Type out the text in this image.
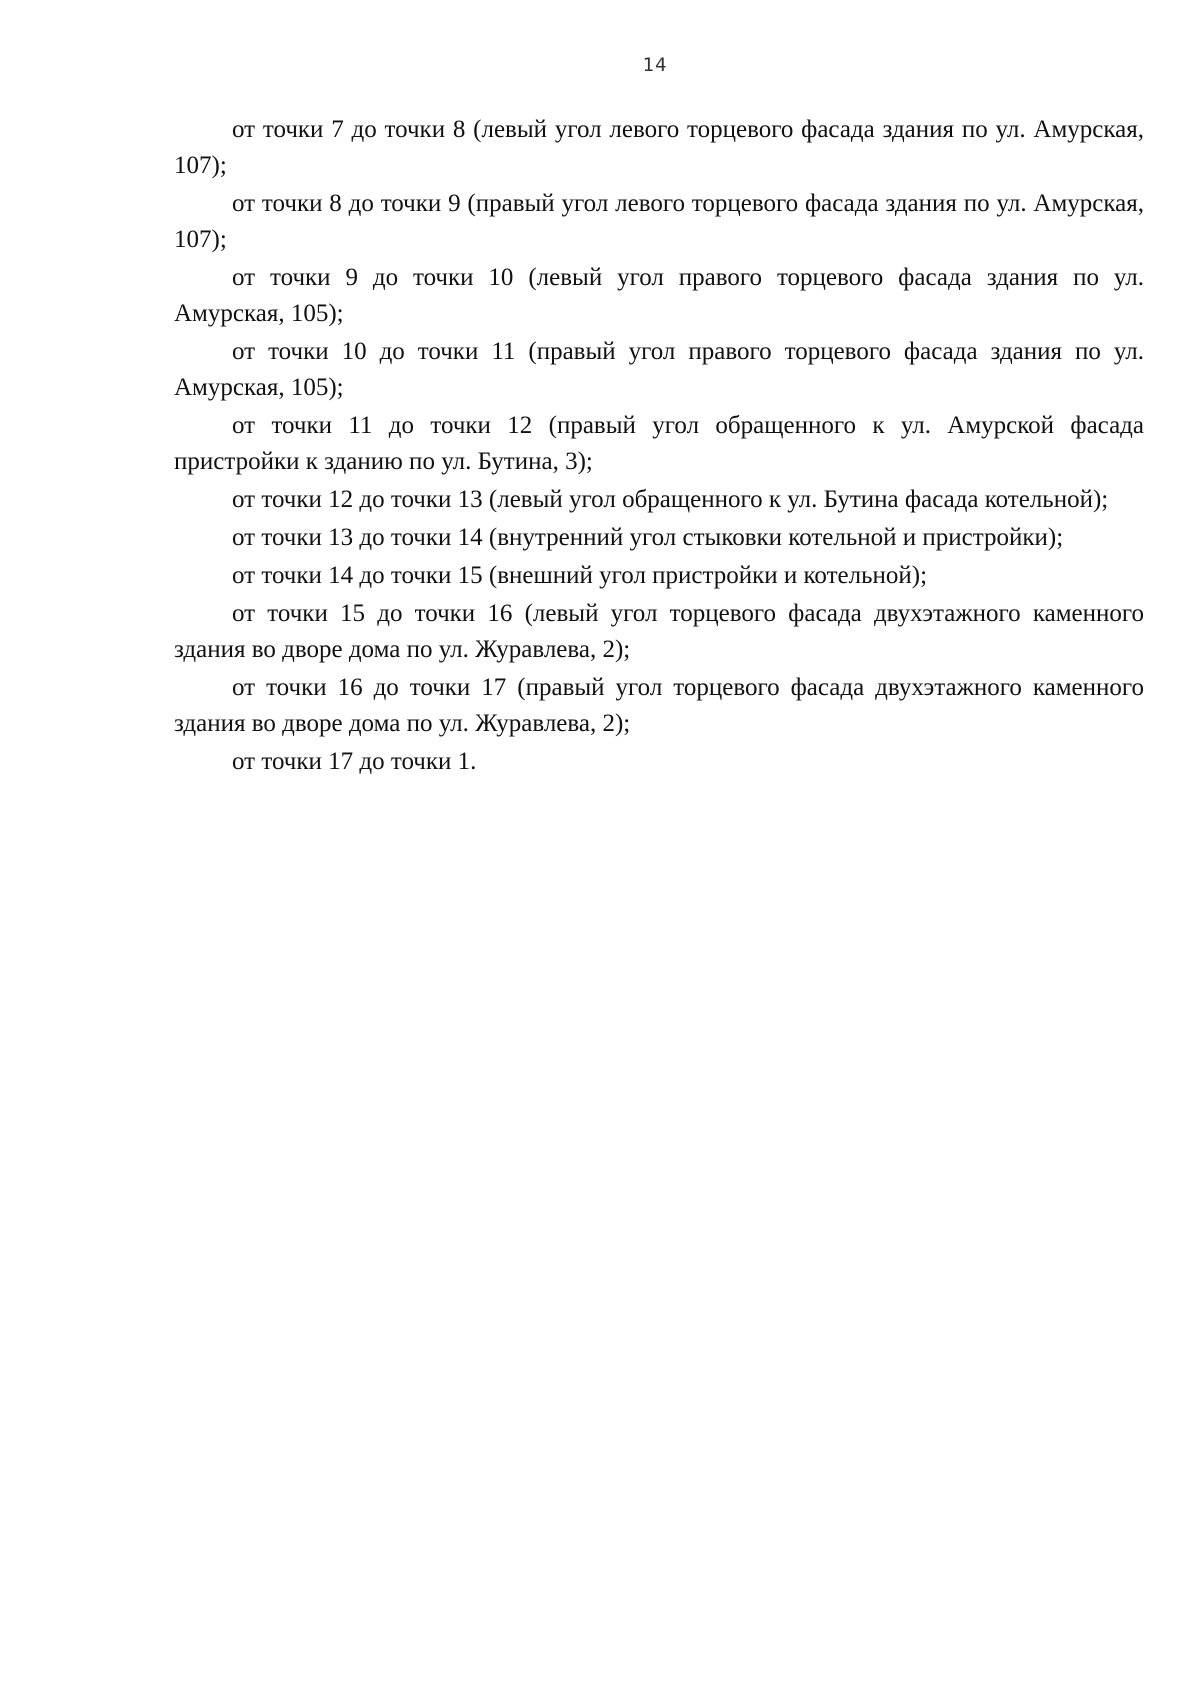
14

от точки 7 до точки 8 (левый угол левого торцевого фасада здания по ул. Амурская, 107);

от точки 8 до точки 9 (правый угол левого торцевого фасада здания по ул. Амурская, 107);

от точки 9 до точки 10 (левый угол правого торцевого фасада здания по ул. Амурская, 105);

от точки 10 до точки 11 (правый угол правого торцевого фасада здания по ул. Амурская, 105);

от точки 11 до точки 12 (правый угол обращенного к ул. Амурской фасада пристройки к зданию по ул. Бутина, 3);

от точки 12 до точки 13 (левый угол обращенного к ул. Бутина фасада котельной);

от точки 13 до точки 14 (внутренний угол стыковки котельной и пристройки);

от точки 14 до точки 15 (внешний угол пристройки и котельной);

от точки 15 до точки 16 (левый угол торцевого фасада двухэтажного каменного здания во дворе дома по ул. Журавлева, 2);

от точки 16 до точки 17 (правый угол торцевого фасада двухэтажного каменного здания во дворе дома по ул. Журавлева, 2);

от точки 17 до точки 1.
